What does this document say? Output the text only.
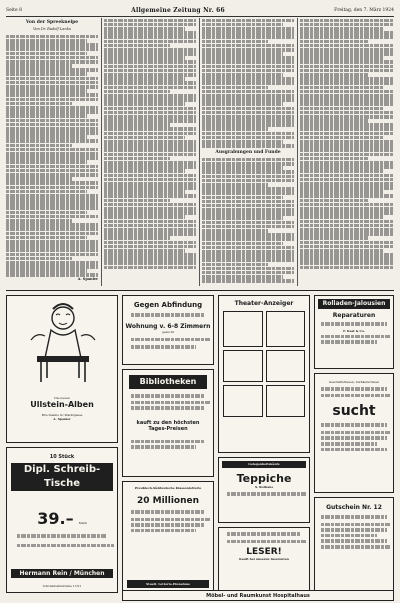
Seite 8	Allgemeine Zeitung Nr. 66	Freitag, den 7. März 1924
Von der Spreekneipe
Von Dr. Rudolf Lanka
A. Spanier
Ausgrabungen und Funde
Die neuen
Ullstein-Alben
Brucmanns Sc Marktgasse
A. Spanier
10 Stück
Dipl. Schreib-Tische
39.– Mark
Hermann Rein / München
Schrambahnstraße 17/21
Gegen Abfindung
Wohnung v. 6-8 Zimmern
gesucht
Bibliotheken
kauft zu den höchsten Tages-Preisen
Preußisch-Süddeutsche Klassenlotterie
20 Millionen
Staatl. Lotterie-Einnahme
Theater-Anzeiger
Gelegenheitskäufe
Teppiche
S. Rothaus
LESER!
Kauft bei unseren Inserenten
Rolladen-Jalousien
Reparaturen
F. Kast & Co.
Geschäftsfrauen, Verkäuferinnen
sucht
Gutschein Nr. 12
Möbel- und Raumkunst Hospitalhaus
